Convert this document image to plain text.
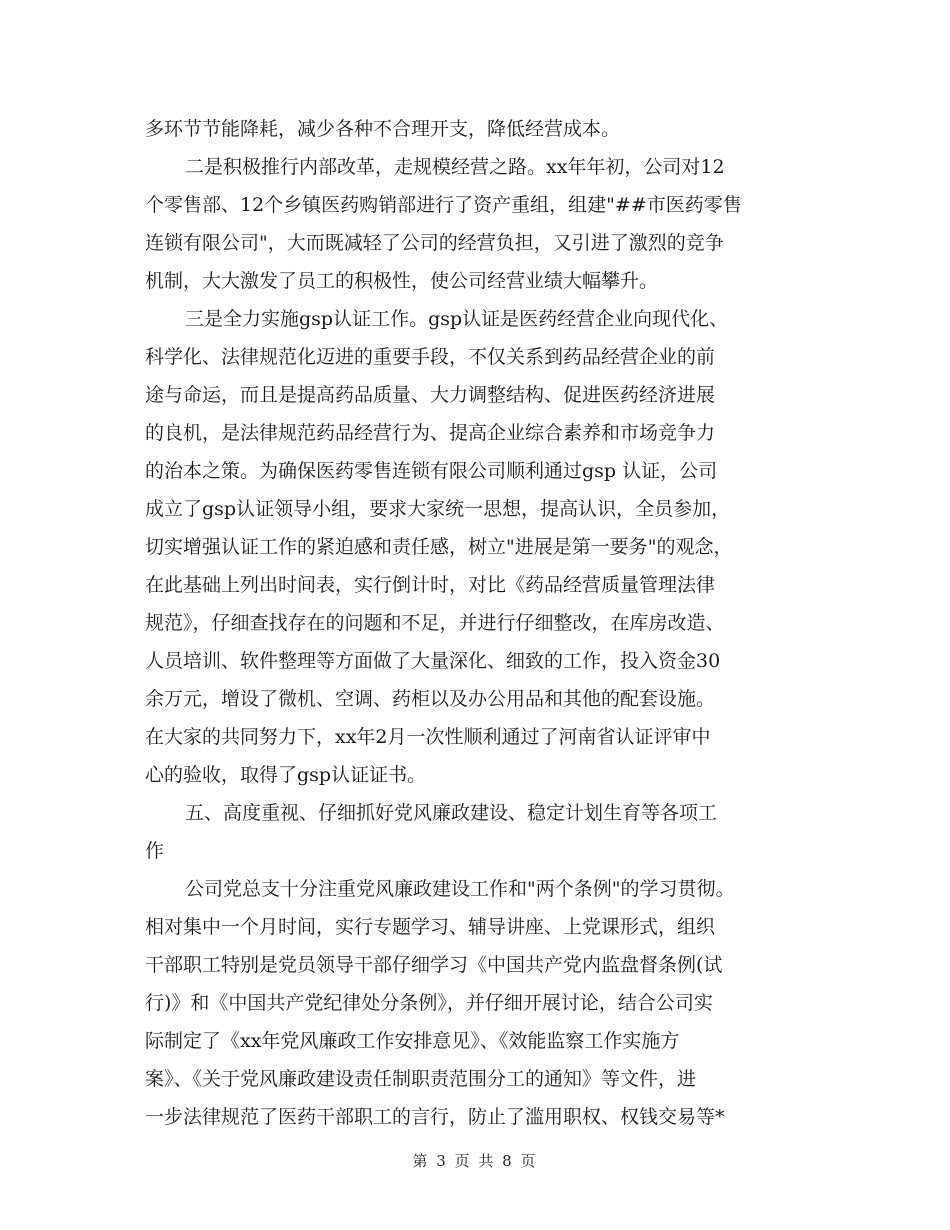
多环节节能降耗，减少各种不合理开支，降低经营成本。
二是积极推行内部改革，走规模经营之路。xx年年初，公司对12
个零售部、12个乡镇医药购销部进行了资产重组，组建"##市医药零售
连锁有限公司"，大而既减轻了公司的经营负担，又引进了激烈的竞争
机制，大大激发了员工的积极性，使公司经营业绩大幅攀升。
三是全力实施gsp认证工作。gsp认证是医药经营企业向现代化、
科学化、法律规范化迈进的重要手段，不仅关系到药品经营企业的前
途与命运，而且是提高药品质量、大力调整结构、促进医药经济进展
的良机，是法律规范药品经营行为、提高企业综合素养和市场竞争力
的治本之策。为确保医药零售连锁有限公司顺利通过gsp 认证，公司
成立了gsp认证领导小组，要求大家统一思想，提高认识，全员参加，
切实增强认证工作的紧迫感和责任感，树立"进展是第一要务"的观念，
在此基础上列出时间表，实行倒计时，对比《药品经营质量管理法律
规范》，仔细查找存在的问题和不足，并进行仔细整改，在库房改造、
人员培训、软件整理等方面做了大量深化、细致的工作，投入资金30
余万元，增设了微机、空调、药柜以及办公用品和其他的配套设施。
在大家的共同努力下，xx年2月一次性顺利通过了河南省认证评审中
心的验收，取得了gsp认证证书。
五、高度重视、仔细抓好党风廉政建设、稳定计划生育等各项工
作
公司党总支十分注重党风廉政建设工作和"两个条例"的学习贯彻。
相对集中一个月时间，实行专题学习、辅导讲座、上党课形式，组织
干部职工特别是党员领导干部仔细学习《中国共产党内监盘督条例(试
行)》和《中国共产党纪律处分条例》，并仔细开展讨论，结合公司实
际制定了《xx年党风廉政工作安排意见》、《效能监察工作实施方
案》、《关于党风廉政建设责任制职责范围分工的通知》等文件，进
一步法律规范了医药干部职工的言行，防止了滥用职权、权钱交易等*
第 3 页 共 8 页
